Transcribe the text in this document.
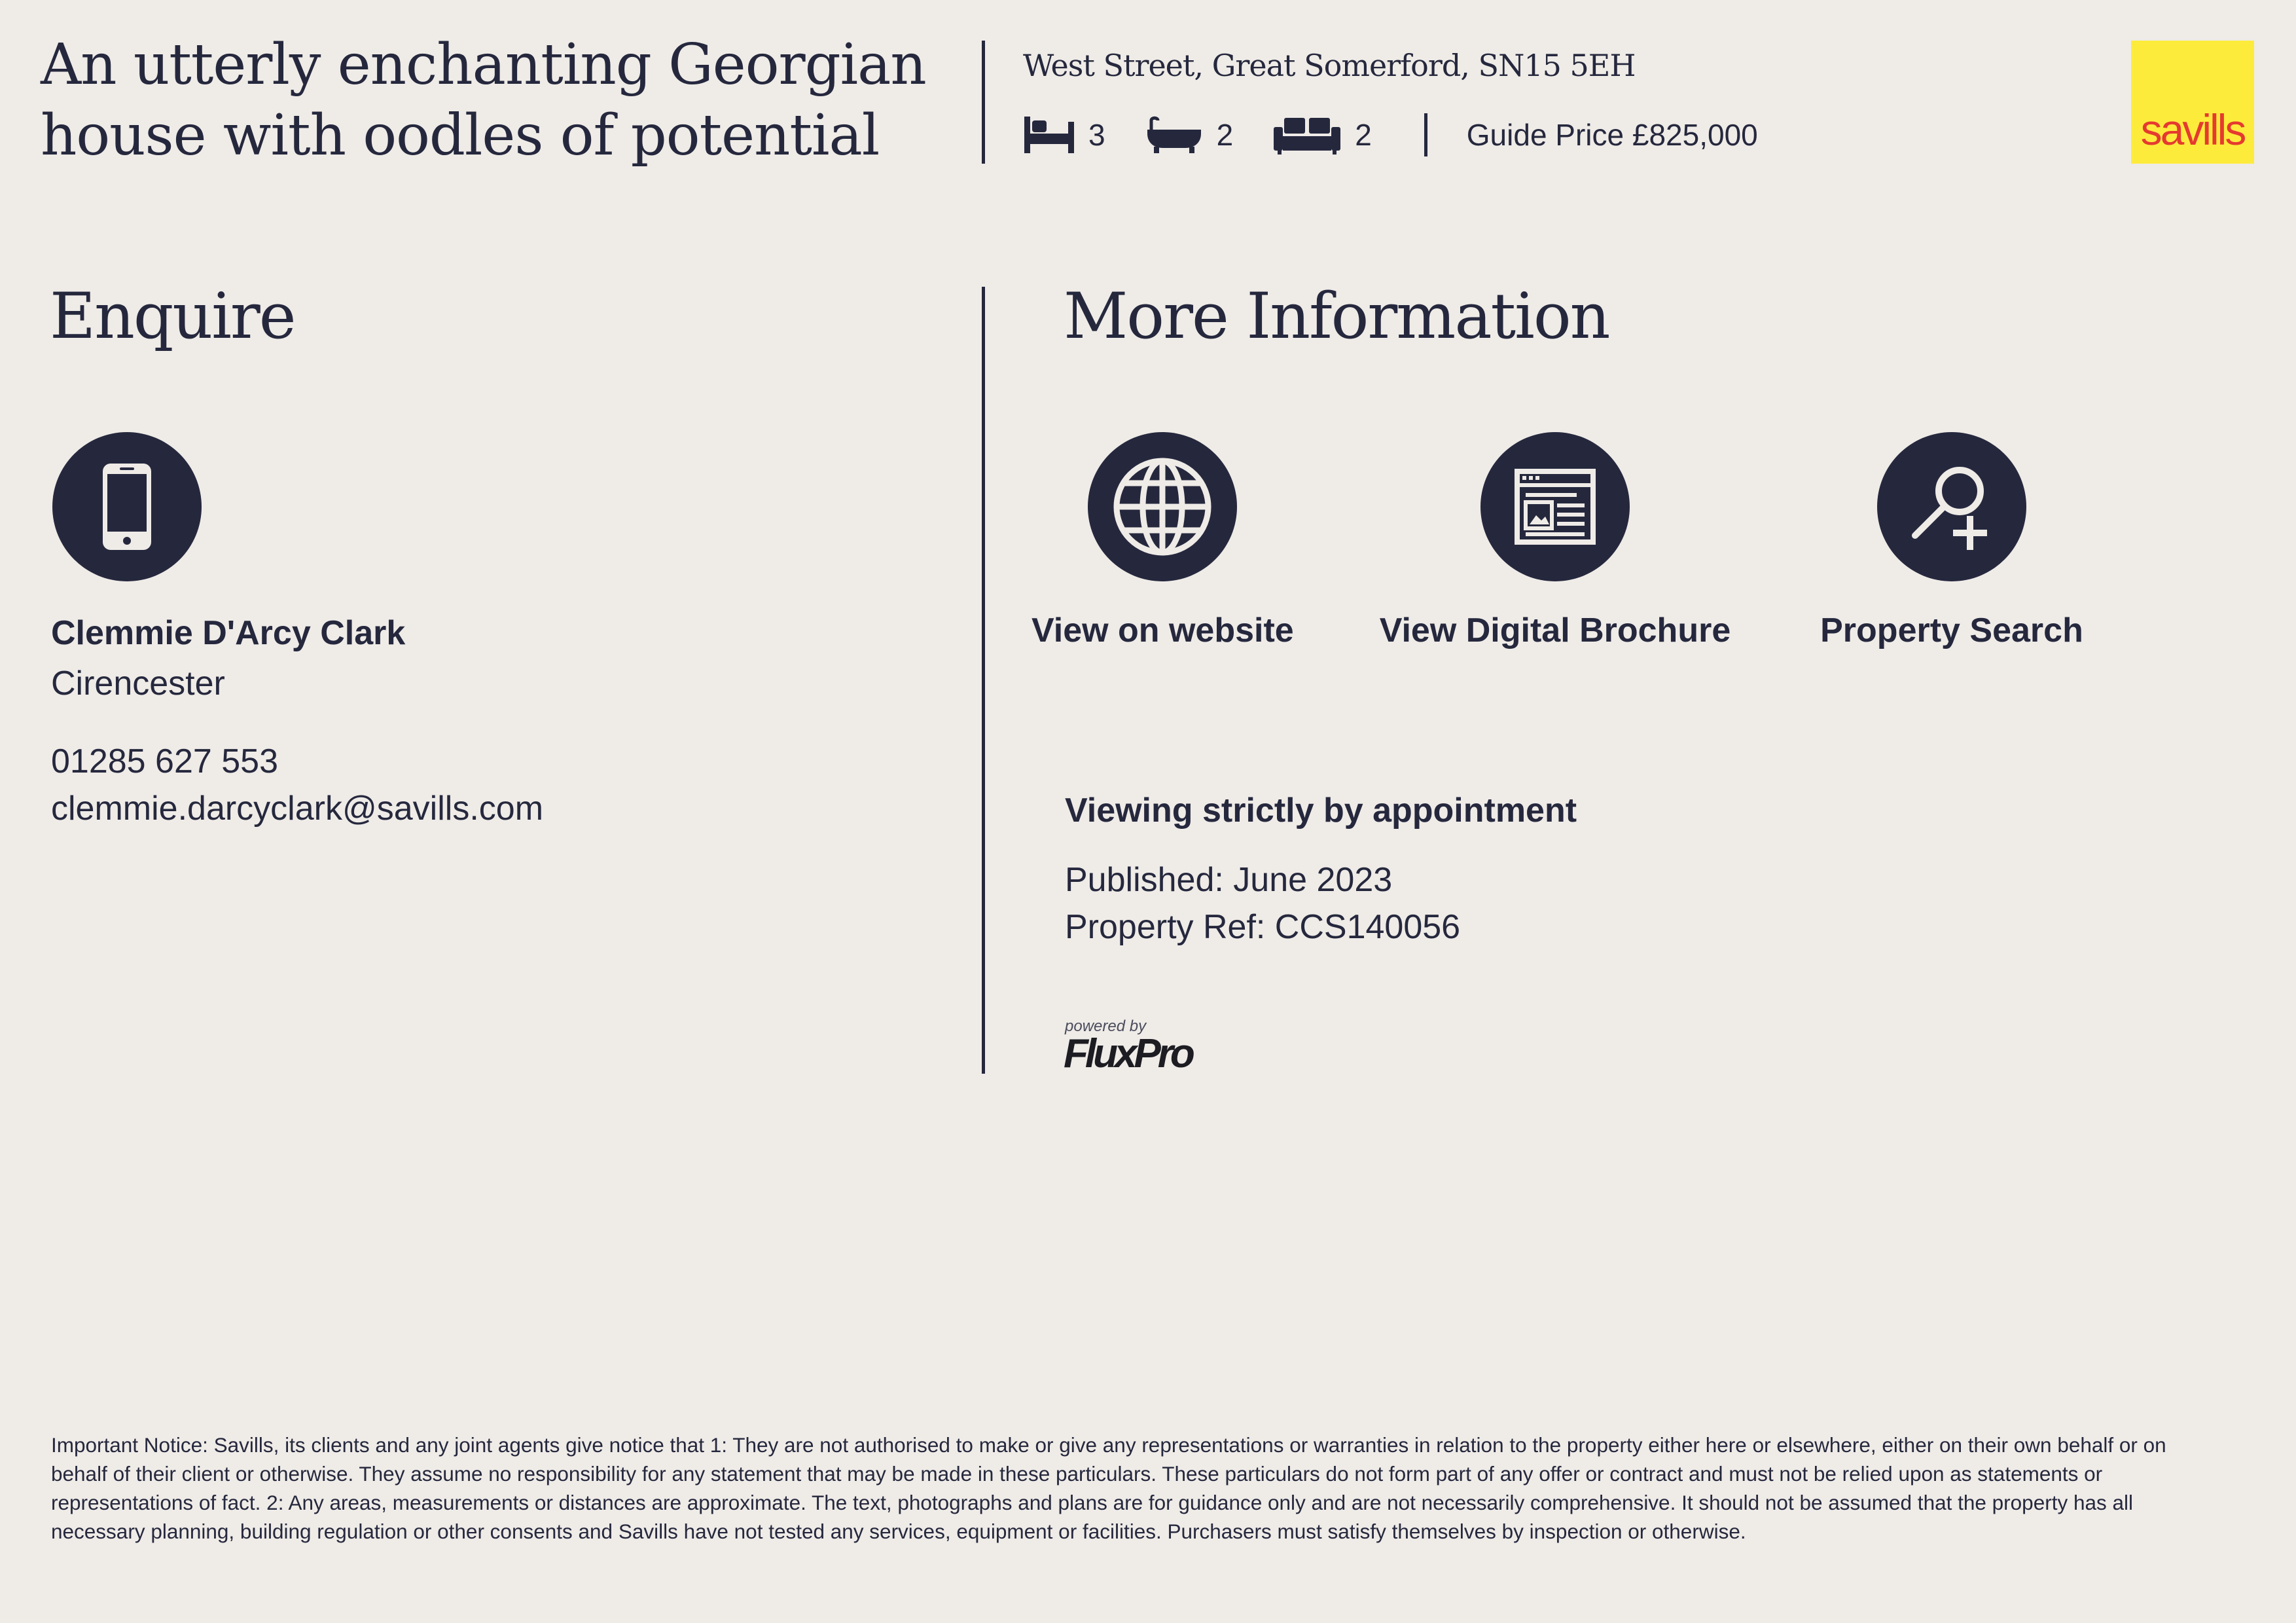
An utterly enchanting Georgian house with oodles of potential
West Street, Great Somerford, SN15 5EH
3	2	2	Guide Price £825,000	savills
Enquire
Clemmie D'Arcy Clark
Cirencester
01285 627 553
clemmie.darcyclark@savills.com
More Information
View on website	View Digital Brochure	Property Search
Viewing strictly by appointment
Published: June 2023
Property Ref: CCS140056
powered by
FluxPro
Important Notice: Savills, its clients and any joint agents give notice that 1: They are not authorised to make or give any representations or warranties in relation to the property either here or elsewhere, either on their own behalf or on behalf of their client or otherwise. They assume no responsibility for any statement that may be made in these particulars. These particulars do not form part of any offer or contract and must not be relied upon as statements or representations of fact. 2: Any areas, measurements or distances are approximate. The text, photographs and plans are for guidance only and are not necessarily comprehensive. It should not be assumed that the property has all necessary planning, building regulation or other consents and Savills have not tested any services, equipment or facilities. Purchasers must satisfy themselves by inspection or otherwise.
